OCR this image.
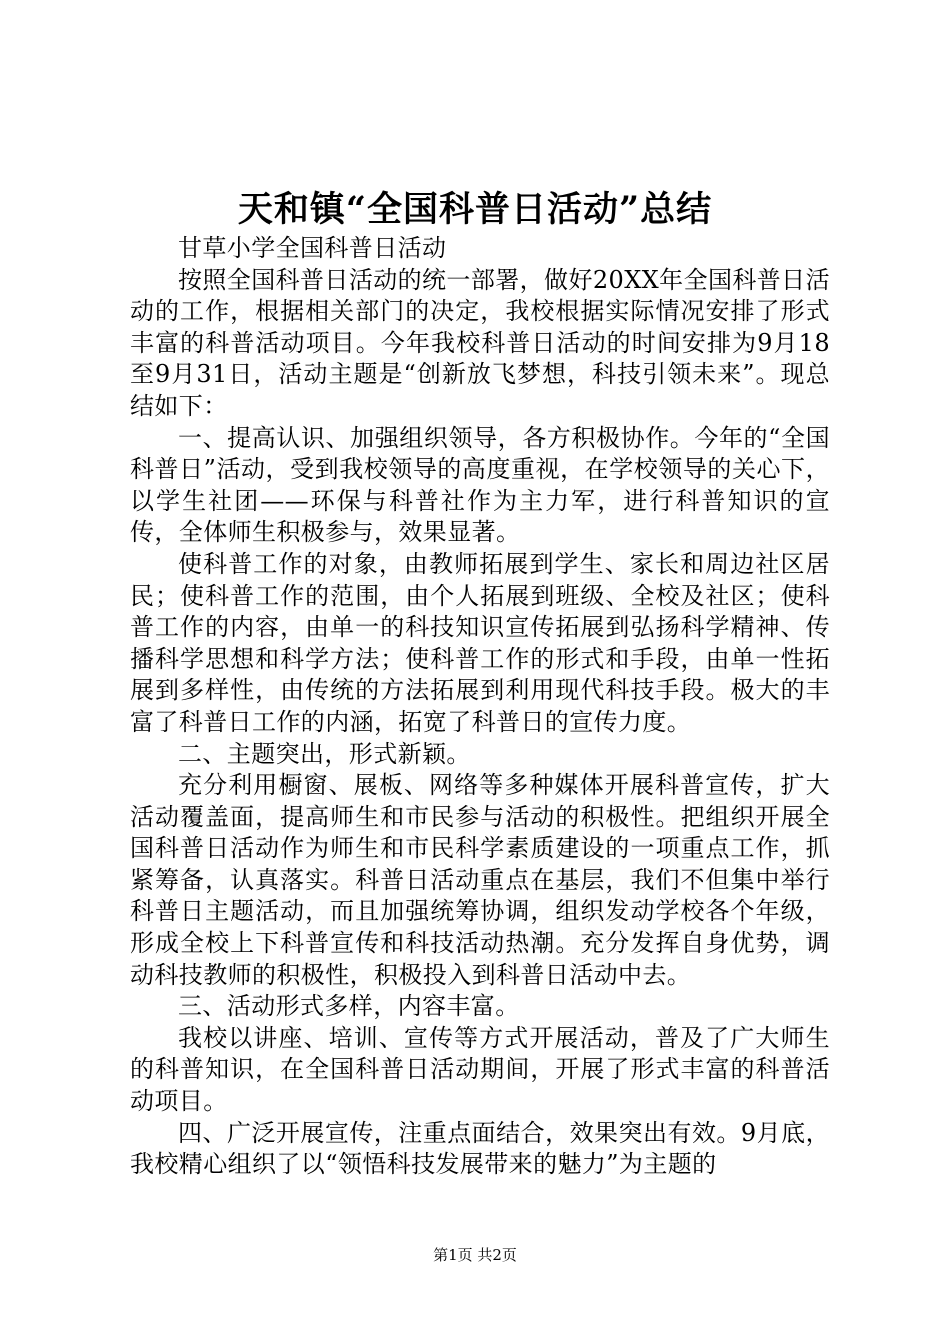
天和镇“全国科普日活动”总结

甘草小学全国科普日活动

按照全国科普日活动的统一部署，做好20XX年全国科普日活动的工作，根据相关部门的决定，我校根据实际情况安排了形式丰富的科普活动项目。今年我校科普日活动的时间安排为9月18至9月31日，活动主题是“创新放飞梦想，科技引领未来”。现总结如下：

一、提高认识、加强组织领导，各方积极协作。今年的“全国科普日”活动，受到我校领导的高度重视，在学校领导的关心下，以学生社团——环保与科普社作为主力军，进行科普知识的宣传，全体师生积极参与，效果显著。

使科普工作的对象，由教师拓展到学生、家长和周边社区居民；使科普工作的范围，由个人拓展到班级、全校及社区；使科普工作的内容，由单一的科技知识宣传拓展到弘扬科学精神、传播科学思想和科学方法；使科普工作的形式和手段，由单一性拓展到多样性，由传统的方法拓展到利用现代科技手段。极大的丰富了科普日工作的内涵，拓宽了科普日的宣传力度。

二、主题突出，形式新颖。

充分利用橱窗、展板、网络等多种媒体开展科普宣传，扩大活动覆盖面，提高师生和市民参与活动的积极性。把组织开展全国科普日活动作为师生和市民科学素质建设的一项重点工作，抓紧筹备，认真落实。科普日活动重点在基层，我们不但集中举行科普日主题活动，而且加强统筹协调，组织发动学校各个年级，形成全校上下科普宣传和科技活动热潮。充分发挥自身优势，调动科技教师的积极性，积极投入到科普日活动中去。

三、活动形式多样，内容丰富。

我校以讲座、培训、宣传等方式开展活动，普及了广大师生的科普知识，在全国科普日活动期间，开展了形式丰富的科普活动项目。

四、广泛开展宣传，注重点面结合，效果突出有效。9月底，我校精心组织了以“领悟科技发展带来的魅力”为主题的

第1页 共2页
